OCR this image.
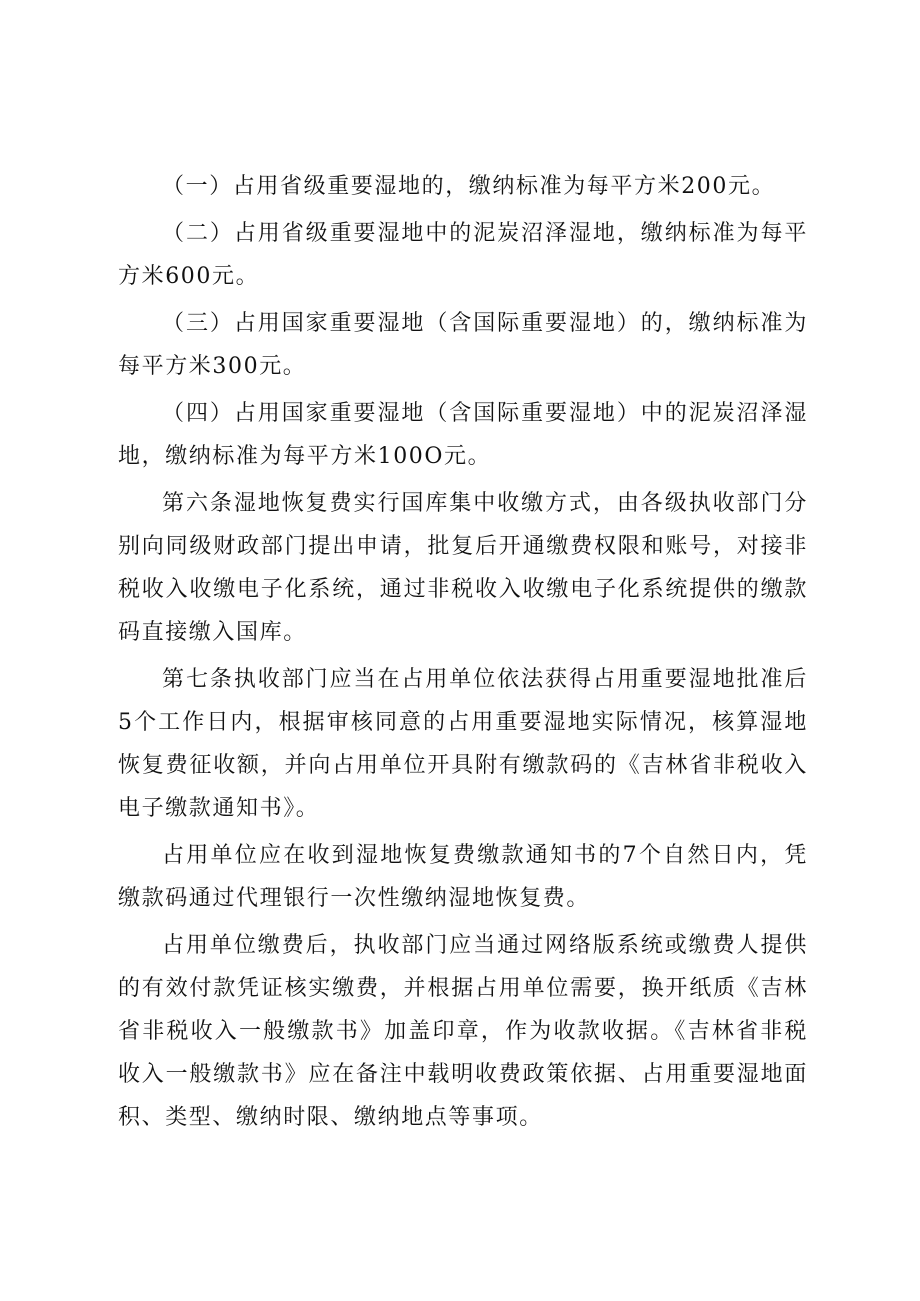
（一）占用省级重要湿地的，缴纳标准为每平方米200元。

（二）占用省级重要湿地中的泥炭沼泽湿地，缴纳标准为每平方米600元。

（三）占用国家重要湿地（含国际重要湿地）的，缴纳标准为每平方米300元。

（四）占用国家重要湿地（含国际重要湿地）中的泥炭沼泽湿地，缴纳标准为每平方米100O元。

第六条湿地恢复费实行国库集中收缴方式，由各级执收部门分别向同级财政部门提出申请，批复后开通缴费权限和账号，对接非税收入收缴电子化系统，通过非税收入收缴电子化系统提供的缴款码直接缴入国库。

第七条执收部门应当在占用单位依法获得占用重要湿地批准后5个工作日内，根据审核同意的占用重要湿地实际情况，核算湿地恢复费征收额，并向占用单位开具附有缴款码的《吉林省非税收入电子缴款通知书》。

占用单位应在收到湿地恢复费缴款通知书的7个自然日内，凭缴款码通过代理银行一次性缴纳湿地恢复费。

占用单位缴费后，执收部门应当通过网络版系统或缴费人提供的有效付款凭证核实缴费，并根据占用单位需要，换开纸质《吉林省非税收入一般缴款书》加盖印章，作为收款收据。《吉林省非税收入一般缴款书》应在备注中载明收费政策依据、占用重要湿地面积、类型、缴纳时限、缴纳地点等事项。
